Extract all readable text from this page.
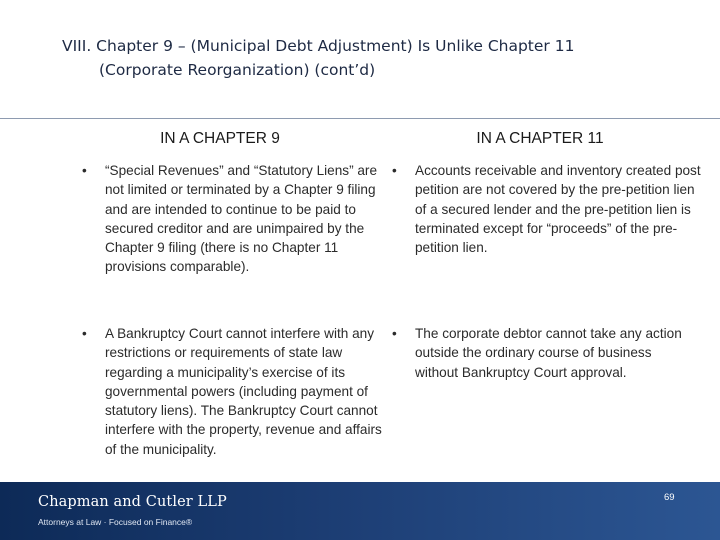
VIII. Chapter 9 – (Municipal Debt Adjustment) Is Unlike Chapter 11
(Corporate Reorganization) (cont’d)
IN A CHAPTER 9	IN A CHAPTER 11
• “Special Revenues” and “Statutory Liens” are not limited or terminated by a Chapter 9 filing and are intended to continue to be paid to secured creditor and are unimpaired by the Chapter 9 filing (there is no Chapter 11 provisions comparable).
• A Bankruptcy Court cannot interfere with any restrictions or requirements of state law regarding a municipality’s exercise of its governmental powers (including payment of statutory liens). The Bankruptcy Court cannot interfere with the property, revenue and affairs of the municipality.
• Accounts receivable and inventory created post petition are not covered by the pre-petition lien of a secured lender and the pre-petition lien is terminated except for “proceeds” of the pre-petition lien.
• The corporate debtor cannot take any action outside the ordinary course of business without Bankruptcy Court approval.
Chapman and Cutler LLP
Attorneys at Law · Focused on Finance®
69
